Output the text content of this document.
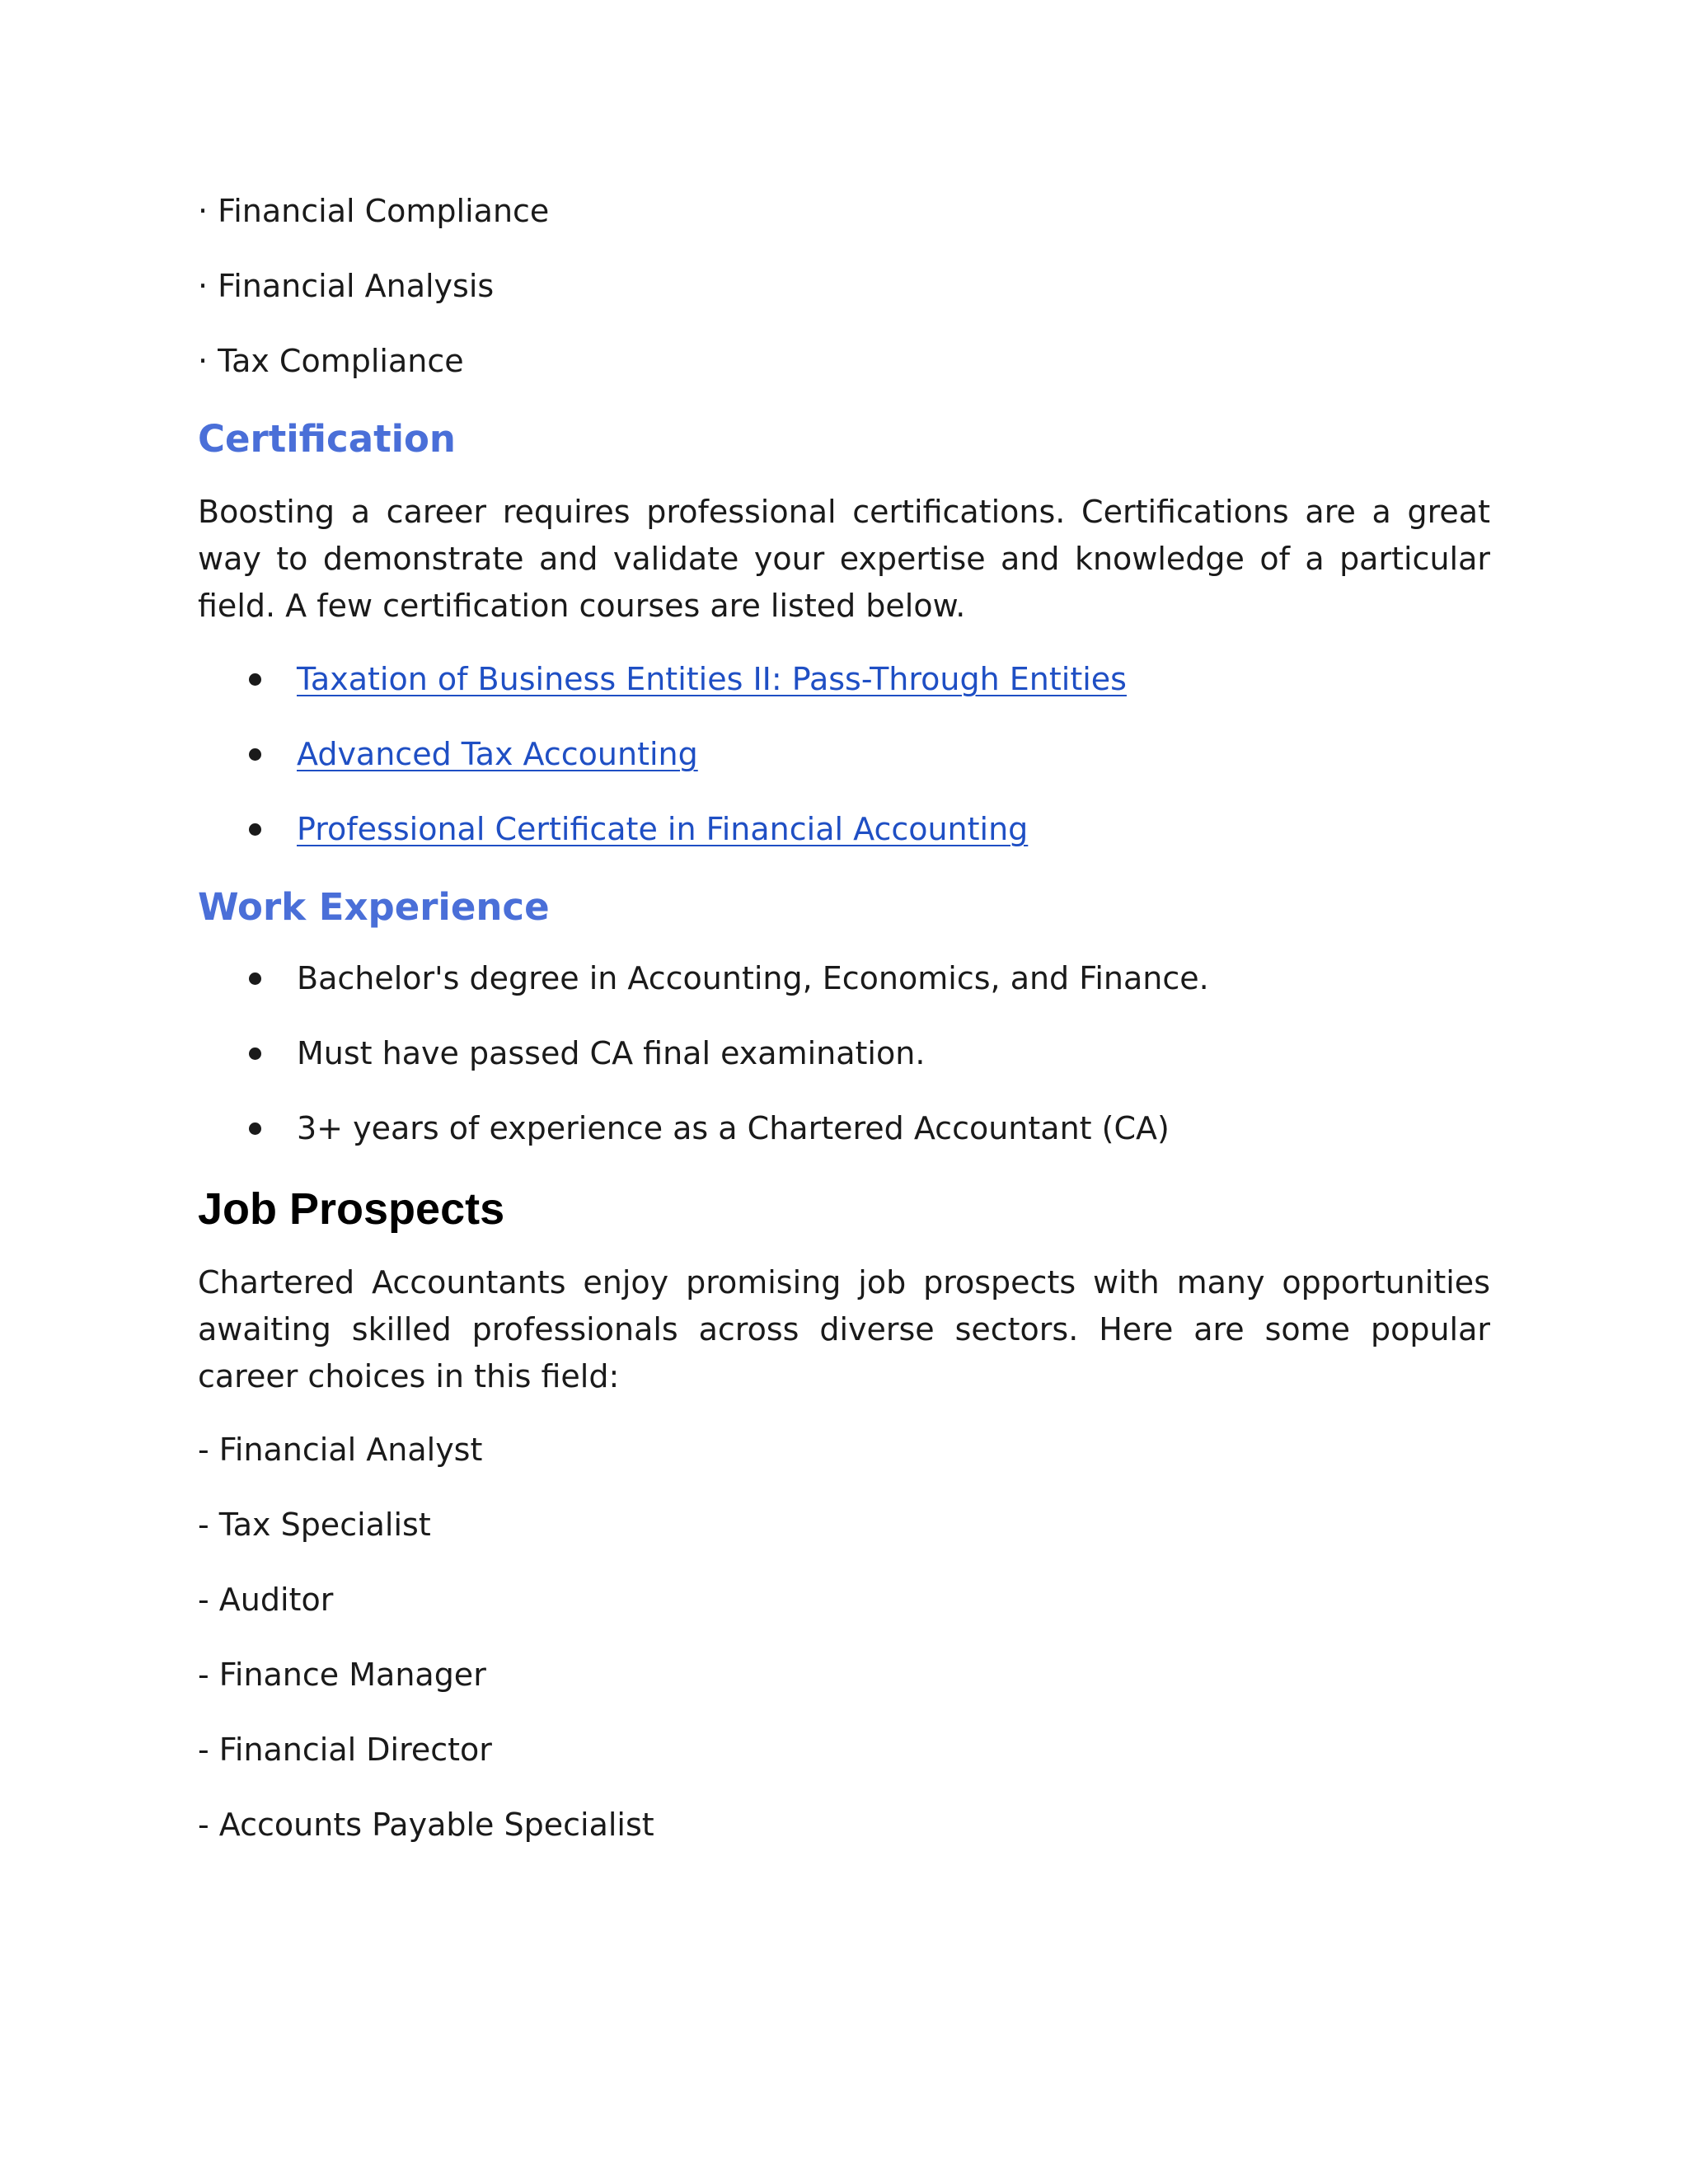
· Financial Compliance

· Financial Analysis

· Tax Compliance

Certification

Boosting a career requires professional certifications. Certifications are a great way to demonstrate and validate your expertise and knowledge of a particular field. A few certification courses are listed below.

Taxation of Business Entities II: Pass-Through Entities
Advanced Tax Accounting
Professional Certificate in Financial Accounting
Work Experience
Bachelor's degree in Accounting, Economics, and Finance.
Must have passed CA final examination.
3+ years of experience as a Chartered Accountant (CA)
Job Prospects

Chartered Accountants enjoy promising job prospects with many opportunities awaiting skilled professionals across diverse sectors. Here are some popular career choices in this field:

- Financial Analyst

- Tax Specialist

- Auditor

- Finance Manager

- Financial Director

- Accounts Payable Specialist
